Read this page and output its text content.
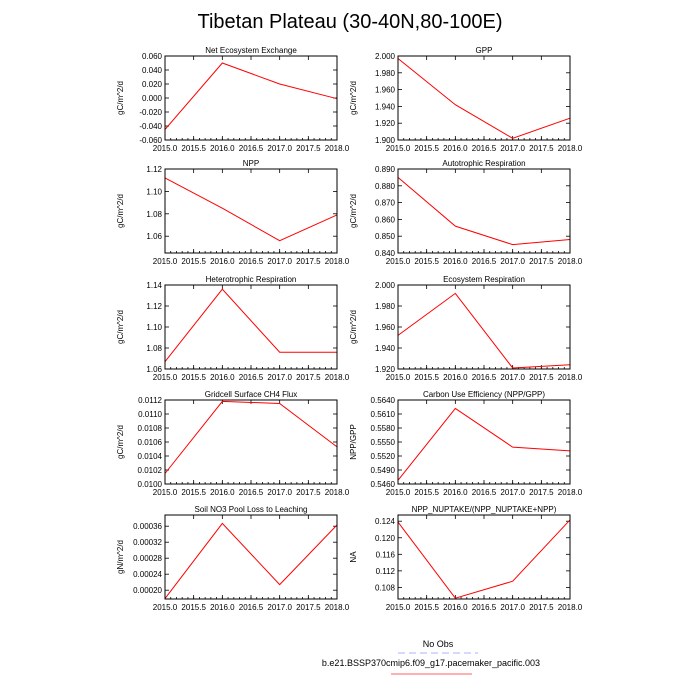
Tibetan Plateau (30-40N,80-100E)
Net Ecosystem Exchange
gC/m^2/d
2015.0 2015.5 2016.0 2016.5 2017.0 2017.5 2018.0
-0.060
-0.040
-0.020
0.000
0.020
0.040
0.060
GPP
gC/m^2/d
2015.0 2015.5 2016.0 2016.5 2017.0 2017.5 2018.0
1.900
1.920
1.940
1.960
1.980
2.000
NPP
gC/m^2/d
2015.0 2015.5 2016.0 2016.5 2017.0 2017.5 2018.0
1.06
1.08
1.10
1.12
Autotrophic Respiration
gC/m^2/d
2015.0 2015.5 2016.0 2016.5 2017.0 2017.5 2018.0
0.840
0.850
0.860
0.870
0.880
0.890
Heterotrophic Respiration
gC/m^2/d
2015.0 2015.5 2016.0 2016.5 2017.0 2017.5 2018.0
1.06
1.08
1.10
1.12
1.14
Ecosystem Respiration
gC/m^2/d
2015.0 2015.5 2016.0 2016.5 2017.0 2017.5 2018.0
1.920
1.940
1.960
1.980
2.000
Gridcell Surface CH4 Flux
gC/m^2/d
2015.0 2015.5 2016.0 2016.5 2017.0 2017.5 2018.0
0.0100
0.0102
0.0104
0.0106
0.0108
0.0110
0.0112
Carbon Use Efficiency (NPP/GPP)
NPP/GPP
2015.0 2015.5 2016.0 2016.5 2017.0 2017.5 2018.0
0.5460
0.5490
0.5520
0.5550
0.5580
0.5610
0.5640
Soil NO3 Pool Loss to Leaching
gN/m^2/d
2015.0 2015.5 2016.0 2016.5 2017.0 2017.5 2018.0
0.00020
0.00024
0.00028
0.00032
0.00036
NPP_NUPTAKE/(NPP_NUPTAKE+NPP)
NA
2015.0 2015.5 2016.0 2016.5 2017.0 2017.5 2018.0
0.108
0.112
0.116
0.120
0.124
No Obs
b.e21.BSSP370cmip6.f09_g17.pacemaker_pacific.003
